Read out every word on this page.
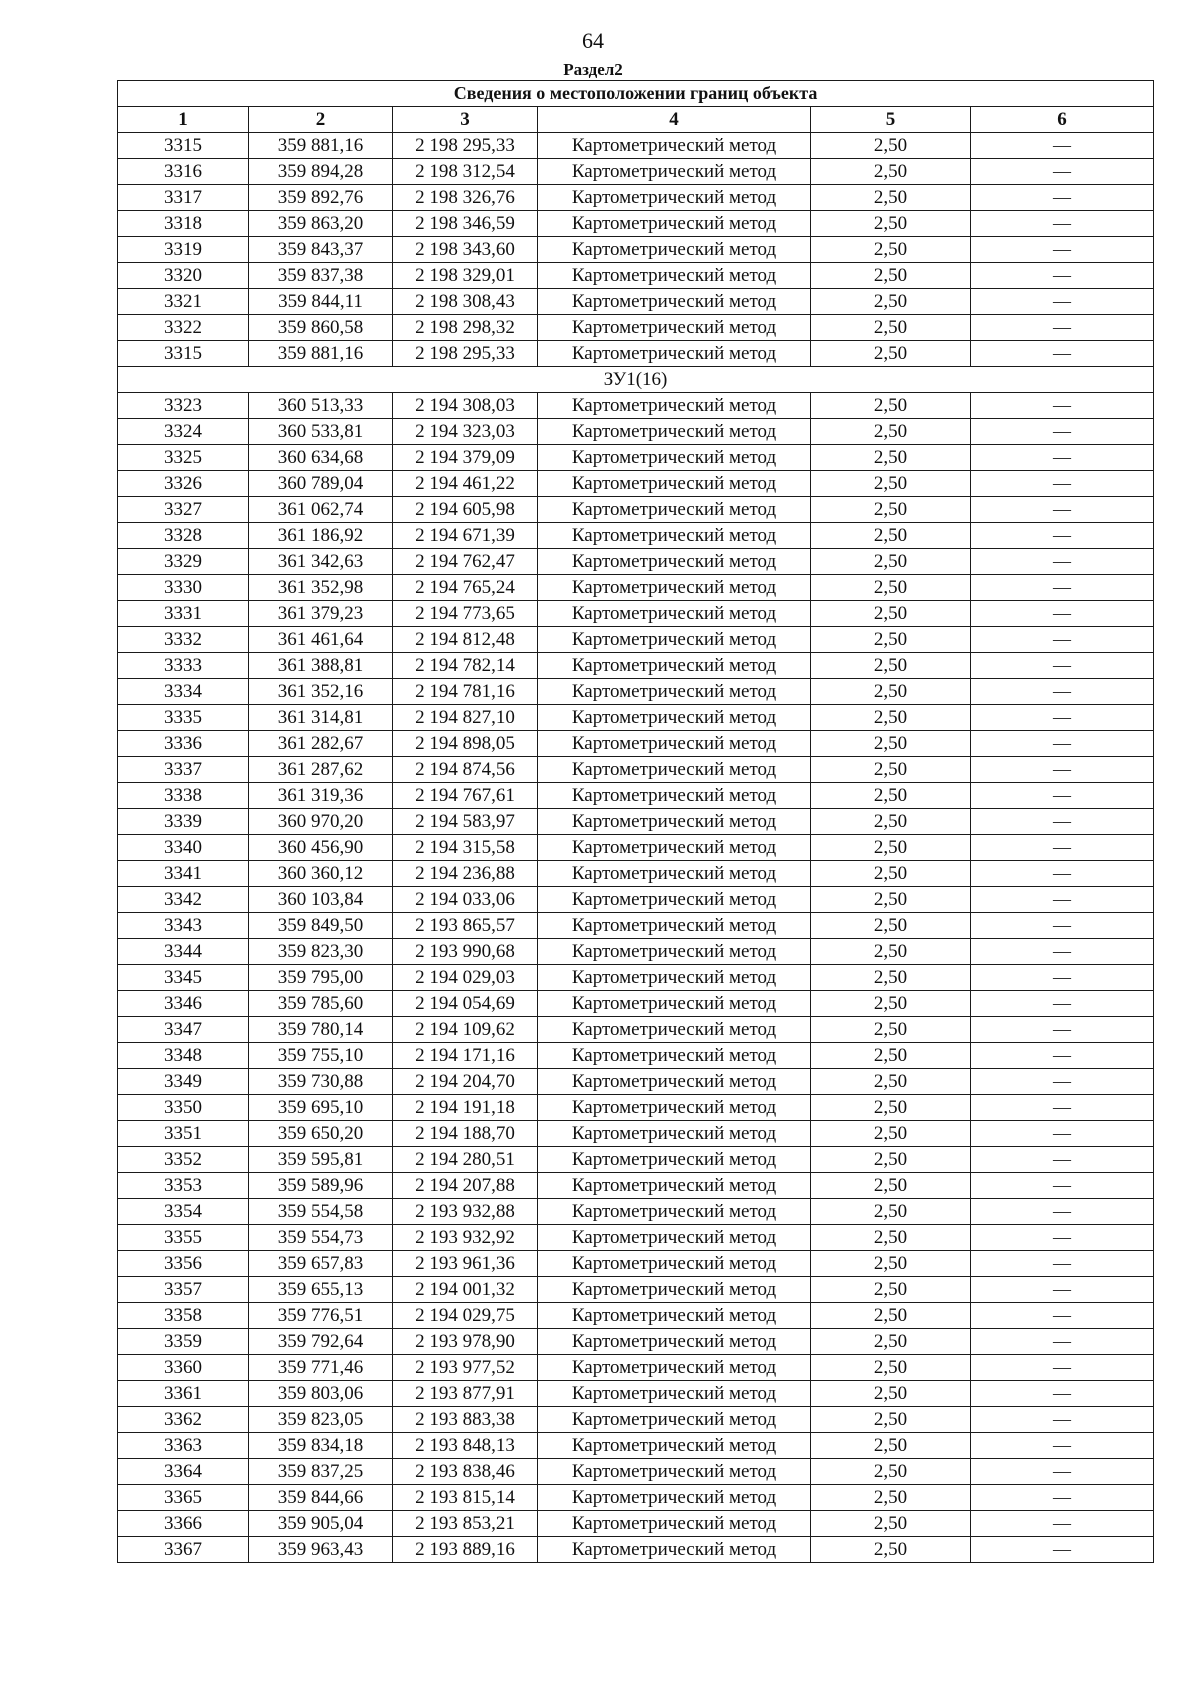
64
Раздел2
Сведения о местоположении границ объекта					
1	2	3	4	5	6
3315	359 881,16	2 198 295,33	Картометрический метод	2,50	—
3316	359 894,28	2 198 312,54	Картометрический метод	2,50	—
3317	359 892,76	2 198 326,76	Картометрический метод	2,50	—
3318	359 863,20	2 198 346,59	Картометрический метод	2,50	—
3319	359 843,37	2 198 343,60	Картометрический метод	2,50	—
3320	359 837,38	2 198 329,01	Картометрический метод	2,50	—
3321	359 844,11	2 198 308,43	Картометрический метод	2,50	—
3322	359 860,58	2 198 298,32	Картометрический метод	2,50	—
3315	359 881,16	2 198 295,33	Картометрический метод	2,50	—
ЗУ1(16)					
3323	360 513,33	2 194 308,03	Картометрический метод	2,50	—
3324	360 533,81	2 194 323,03	Картометрический метод	2,50	—
3325	360 634,68	2 194 379,09	Картометрический метод	2,50	—
3326	360 789,04	2 194 461,22	Картометрический метод	2,50	—
3327	361 062,74	2 194 605,98	Картометрический метод	2,50	—
3328	361 186,92	2 194 671,39	Картометрический метод	2,50	—
3329	361 342,63	2 194 762,47	Картометрический метод	2,50	—
3330	361 352,98	2 194 765,24	Картометрический метод	2,50	—
3331	361 379,23	2 194 773,65	Картометрический метод	2,50	—
3332	361 461,64	2 194 812,48	Картометрический метод	2,50	—
3333	361 388,81	2 194 782,14	Картометрический метод	2,50	—
3334	361 352,16	2 194 781,16	Картометрический метод	2,50	—
3335	361 314,81	2 194 827,10	Картометрический метод	2,50	—
3336	361 282,67	2 194 898,05	Картометрический метод	2,50	—
3337	361 287,62	2 194 874,56	Картометрический метод	2,50	—
3338	361 319,36	2 194 767,61	Картометрический метод	2,50	—
3339	360 970,20	2 194 583,97	Картометрический метод	2,50	—
3340	360 456,90	2 194 315,58	Картометрический метод	2,50	—
3341	360 360,12	2 194 236,88	Картометрический метод	2,50	—
3342	360 103,84	2 194 033,06	Картометрический метод	2,50	—
3343	359 849,50	2 193 865,57	Картометрический метод	2,50	—
3344	359 823,30	2 193 990,68	Картометрический метод	2,50	—
3345	359 795,00	2 194 029,03	Картометрический метод	2,50	—
3346	359 785,60	2 194 054,69	Картометрический метод	2,50	—
3347	359 780,14	2 194 109,62	Картометрический метод	2,50	—
3348	359 755,10	2 194 171,16	Картометрический метод	2,50	—
3349	359 730,88	2 194 204,70	Картометрический метод	2,50	—
3350	359 695,10	2 194 191,18	Картометрический метод	2,50	—
3351	359 650,20	2 194 188,70	Картометрический метод	2,50	—
3352	359 595,81	2 194 280,51	Картометрический метод	2,50	—
3353	359 589,96	2 194 207,88	Картометрический метод	2,50	—
3354	359 554,58	2 193 932,88	Картометрический метод	2,50	—
3355	359 554,73	2 193 932,92	Картометрический метод	2,50	—
3356	359 657,83	2 193 961,36	Картометрический метод	2,50	—
3357	359 655,13	2 194 001,32	Картометрический метод	2,50	—
3358	359 776,51	2 194 029,75	Картометрический метод	2,50	—
3359	359 792,64	2 193 978,90	Картометрический метод	2,50	—
3360	359 771,46	2 193 977,52	Картометрический метод	2,50	—
3361	359 803,06	2 193 877,91	Картометрический метод	2,50	—
3362	359 823,05	2 193 883,38	Картометрический метод	2,50	—
3363	359 834,18	2 193 848,13	Картометрический метод	2,50	—
3364	359 837,25	2 193 838,46	Картометрический метод	2,50	—
3365	359 844,66	2 193 815,14	Картометрический метод	2,50	—
3366	359 905,04	2 193 853,21	Картометрический метод	2,50	—
3367	359 963,43	2 193 889,16	Картометрический метод	2,50	—
